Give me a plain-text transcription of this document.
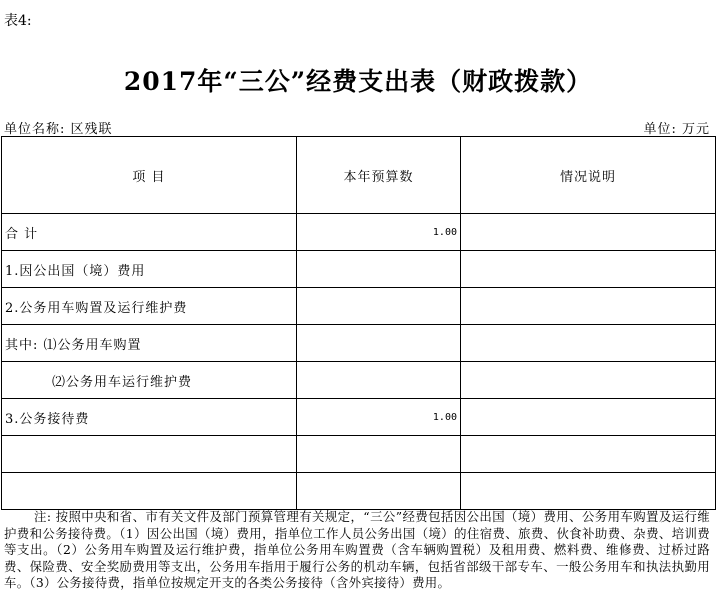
表4:
2017年“三公”经费支出表（财政拨款）
单位名称: 区残联	单位: 万元
项 目	本年预算数	情况说明
合 计	1.00	
1.因公出国（境）费用		
2.公务用车购置及运行维护费		
其中: ⑴公务用车购置		
⑵公务用车运行维护费		
3.公务接待费	1.00	

注: 按照中央和省、市有关文件及部门预算管理有关规定，“三公”经费包括因公出国（境）费用、公务用车购置及运行维护费和公务接待费。（1）因公出国（境）费用，指单位工作人员公务出国（境）的住宿费、旅费、伙食补助费、杂费、培训费等支出。（2）公务用车购置及运行维护费，指单位公务用车购置费（含车辆购置税）及租用费、燃料费、维修费、过桥过路费、保险费、安全奖励费用等支出，公务用车指用于履行公务的机动车辆，包括省部级干部专车、一般公务用车和执法执勤用车。（3）公务接待费，指单位按规定开支的各类公务接待（含外宾接待）费用。
